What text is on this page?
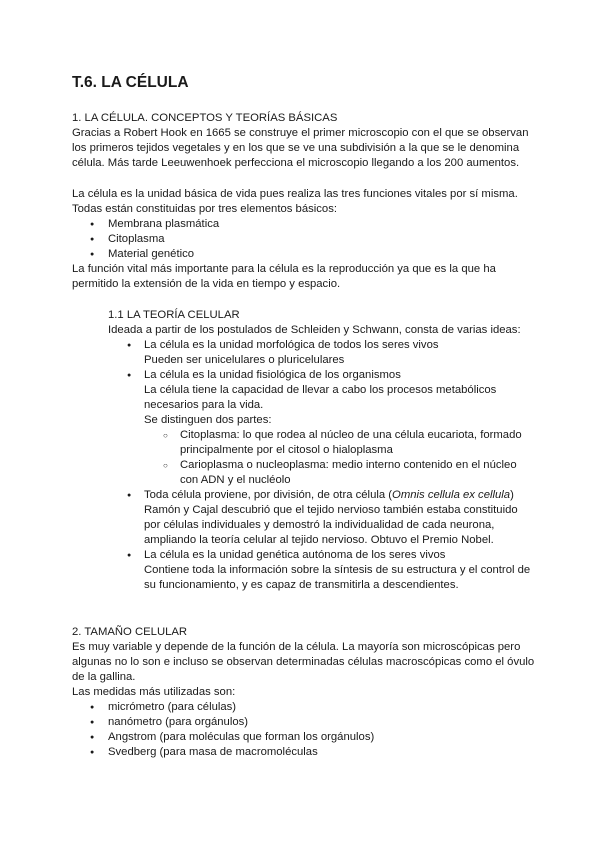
T.6. LA CÉLULA

1. LA CÉLULA. CONCEPTOS Y TEORÍAS BÁSICAS

Gracias a Robert Hook en 1665 se construye el primer microscopio con el que se observan

los primeros tejidos vegetales y en los que se ve una subdivisión a la que se le denomina

célula. Más tarde Leeuwenhoek perfecciona el microscopio llegando a los 200 aumentos.

La célula es la unidad básica de vida pues realiza las tres funciones vitales por sí misma.

Todas están constituidas por tres elementos básicos:

● Membrana plasmática
● Citoplasma
● Material genético

La función vital más importante para la célula es la reproducción ya que es la que ha

permitido la extensión de la vida en tiempo y espacio.

1.1 LA TEORÍA CELULAR

Ideada a partir de los postulados de Schleiden y Schwann, consta de varias ideas:

● La célula es la unidad morfológica de todos los seres vivos
Pueden ser unicelulares o pluricelulares
● La célula es la unidad fisiológica de los organismos
La célula tiene la capacidad de llevar a cabo los procesos metabólicos
necesarios para la vida.
Se distinguen dos partes:
○ Citoplasma: lo que rodea al núcleo de una célula eucariota, formado
principalmente por el citosol o hialoplasma
○ Carioplasma o nucleoplasma: medio interno contenido en el núcleo
con ADN y el nucléolo
● Toda célula proviene, por división, de otra célula (Omnis cellula ex cellula)
Ramón y Cajal descubrió que el tejido nervioso también estaba constituido
por células individuales y demostró la individualidad de cada neurona,
ampliando la teoría celular al tejido nervioso. Obtuvo el Premio Nobel.
● La célula es la unidad genética autónoma de los seres vivos
Contiene toda la información sobre la síntesis de su estructura y el control de
su funcionamiento, y es capaz de transmitirla a descendientes.

2. TAMAÑO CELULAR

Es muy variable y depende de la función de la célula. La mayoría son microscópicas pero

algunas no lo son e incluso se observan determinadas células macroscópicas como el óvulo

de la gallina.

Las medidas más utilizadas son:

● micrómetro (para células)
● nanómetro (para orgánulos)
● Angstrom (para moléculas que forman los orgánulos)
● Svedberg (para masa de macromoléculas
